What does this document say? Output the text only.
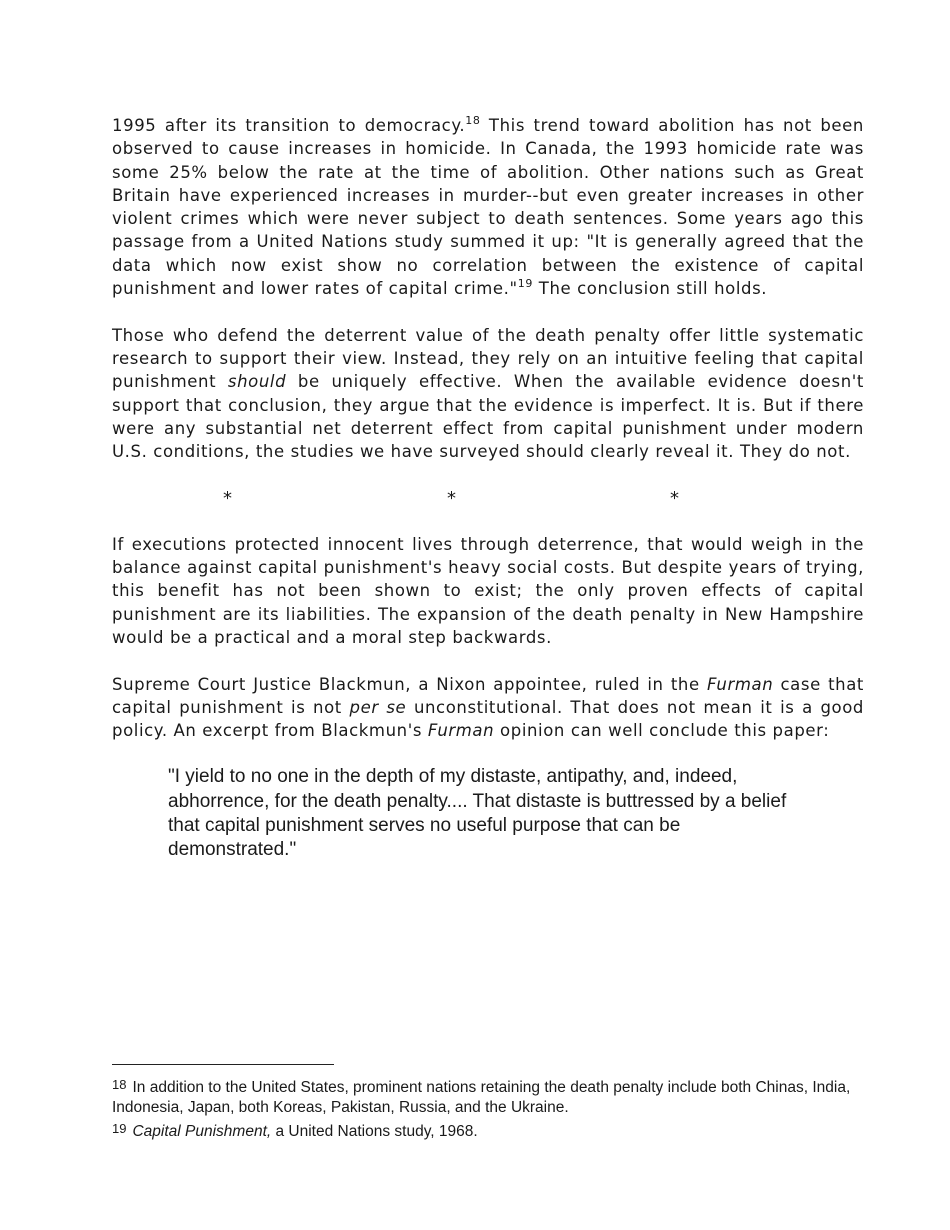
1995 after its transition to democracy.$^{18}$ This trend toward abolition has not been observed to cause increases in homicide. In Canada, the 1993 homicide rate was some 25% below the rate at the time of abolition. Other nations such as Great Britain have experienced increases in murder--but even greater increases in other violent crimes which were never subject to death sentences. Some years ago this passage from a United Nations study summed it up: "It is generally agreed that the data which now exist show no correlation between the existence of capital punishment and lower rates of capital crime."$^{19}$ The conclusion still holds.

Those who defend the deterrent value of the death penalty offer little systematic research to support their view. Instead, they rely on an intuitive feeling that capital punishment should be uniquely effective. When the available evidence doesn't support that conclusion, they argue that the evidence is imperfect. It is. But if there were any substantial net deterrent effect from capital punishment under modern U.S. conditions, the studies we have surveyed should clearly reveal it. They do not.

*	*	*

If executions protected innocent lives through deterrence, that would weigh in the balance against capital punishment's heavy social costs. But despite years of trying, this benefit has not been shown to exist; the only proven effects of capital punishment are its liabilities. The expansion of the death penalty in New Hampshire would be a practical and a moral step backwards.

Supreme Court Justice Blackmun, a Nixon appointee, ruled in the Furman case that capital punishment is not per se unconstitutional. That does not mean it is a good policy. An excerpt from Blackmun's Furman opinion can well conclude this paper:

"I yield to no one in the depth of my distaste, antipathy, and, indeed, abhorrence, for the death penalty.... That distaste is buttressed by a belief that capital punishment serves no useful purpose that can be demonstrated."

18 In addition to the United States, prominent nations retaining the death penalty include both Chinas, India, Indonesia, Japan, both Koreas, Pakistan, Russia, and the Ukraine.

19 Capital Punishment, a United Nations study, 1968.
